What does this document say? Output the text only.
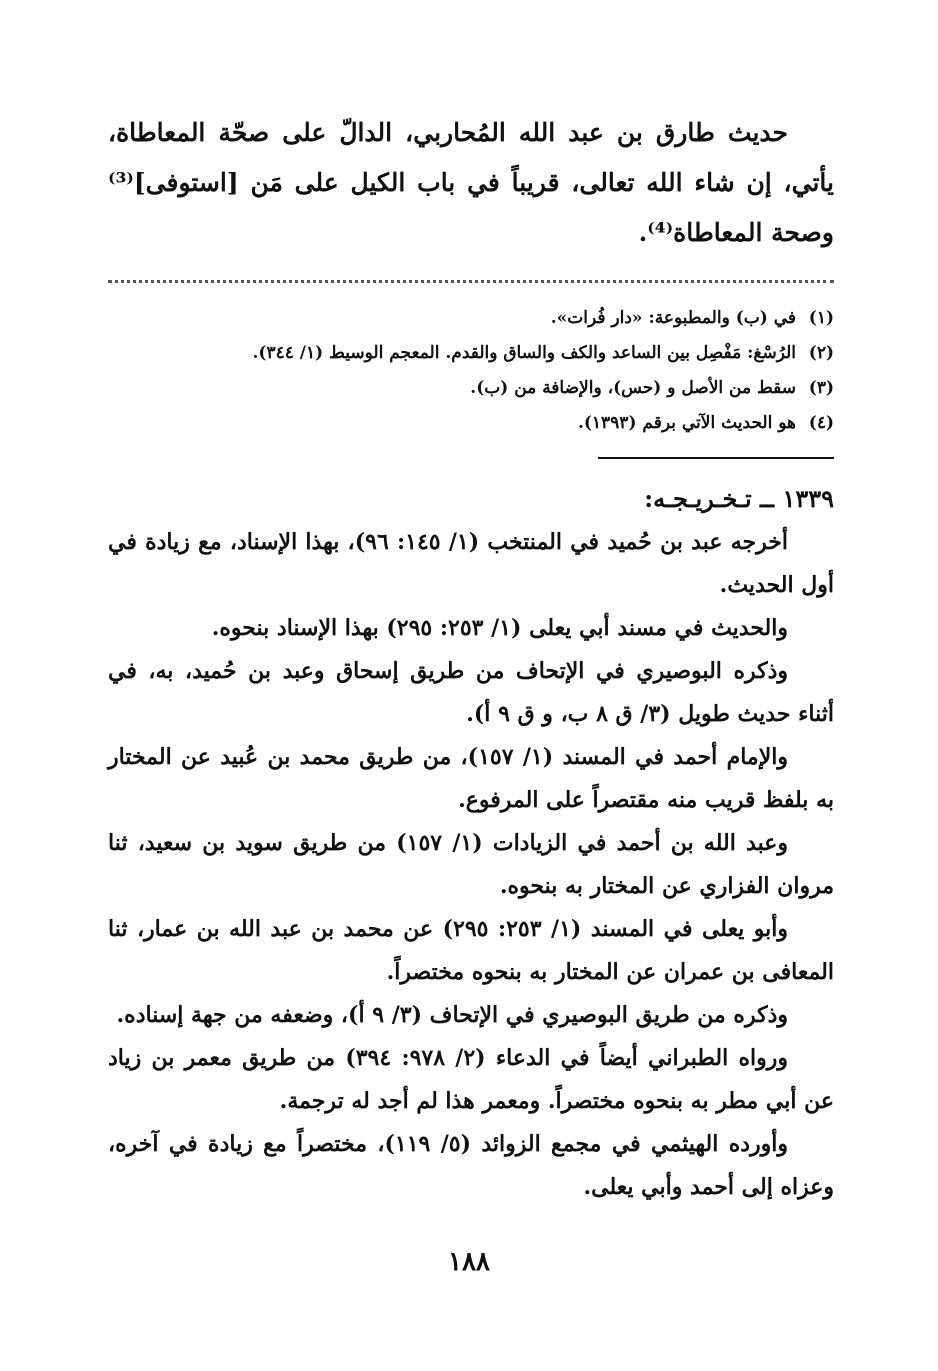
حديث طارق بن عبد الله المُحاربي، الدالّ على صحّة المعاطاة، يأتي، إن شاء الله تعالى، قريباً في باب الكيل على مَن [استوفى]⁽³⁾ وصحة المعاطاة⁽⁴⁾.

(١)في (ب) والمطبوعة: «دار فُرات».
(٢)الرُسْغ: مَفْصِل بين الساعد والكف والساق والقدم. المعجم الوسيط (١/ ٣٤٤).
(٣)سقط من الأصل و (حس)، والإضافة من (ب).
(٤)هو الحديث الآتي برقم (١٣٩٣).
١٣٣٩ ــ تـخـريـجـه:

أخرجه عبد بن حُميد في المنتخب (١/ ١٤٥: ٩٦)، بهذا الإسناد، مع زيادة في أول الحديث.

والحديث في مسند أبي يعلى (١/ ٢٥٣: ٢٩٥) بهذا الإسناد بنحوه.

وذكره البوصيري في الإتحاف من طريق إسحاق وعبد بن حُميد، به، في أثناء حديث طويل (٣/ ق ٨ ب، و ق ٩ أ).

والإمام أحمد في المسند (١/ ١٥٧)، من طريق محمد بن عُبيد عن المختار به بلفظ قريب منه مقتصراً على المرفوع.

وعبد الله بن أحمد في الزيادات (١/ ١٥٧) من طريق سويد بن سعيد، ثنا مروان الفزاري عن المختار به بنحوه.

وأبو يعلى في المسند (١/ ٢٥٣: ٢٩٥) عن محمد بن عبد الله بن عمار، ثنا المعافى بن عمران عن المختار به بنحوه مختصراً.

وذكره من طريق البوصيري في الإتحاف (٣/ ٩ أ)، وضعفه من جهة إسناده.

ورواه الطبراني أيضاً في الدعاء (٢/ ٩٧٨: ٣٩٤) من طريق معمر بن زياد عن أبي مطر به بنحوه مختصراً. ومعمر هذا لم أجد له ترجمة.

وأورده الهيثمي في مجمع الزوائد (٥/ ١١٩)، مختصراً مع زيادة في آخره، وعزاه إلى أحمد وأبي يعلى.

١٨٨
